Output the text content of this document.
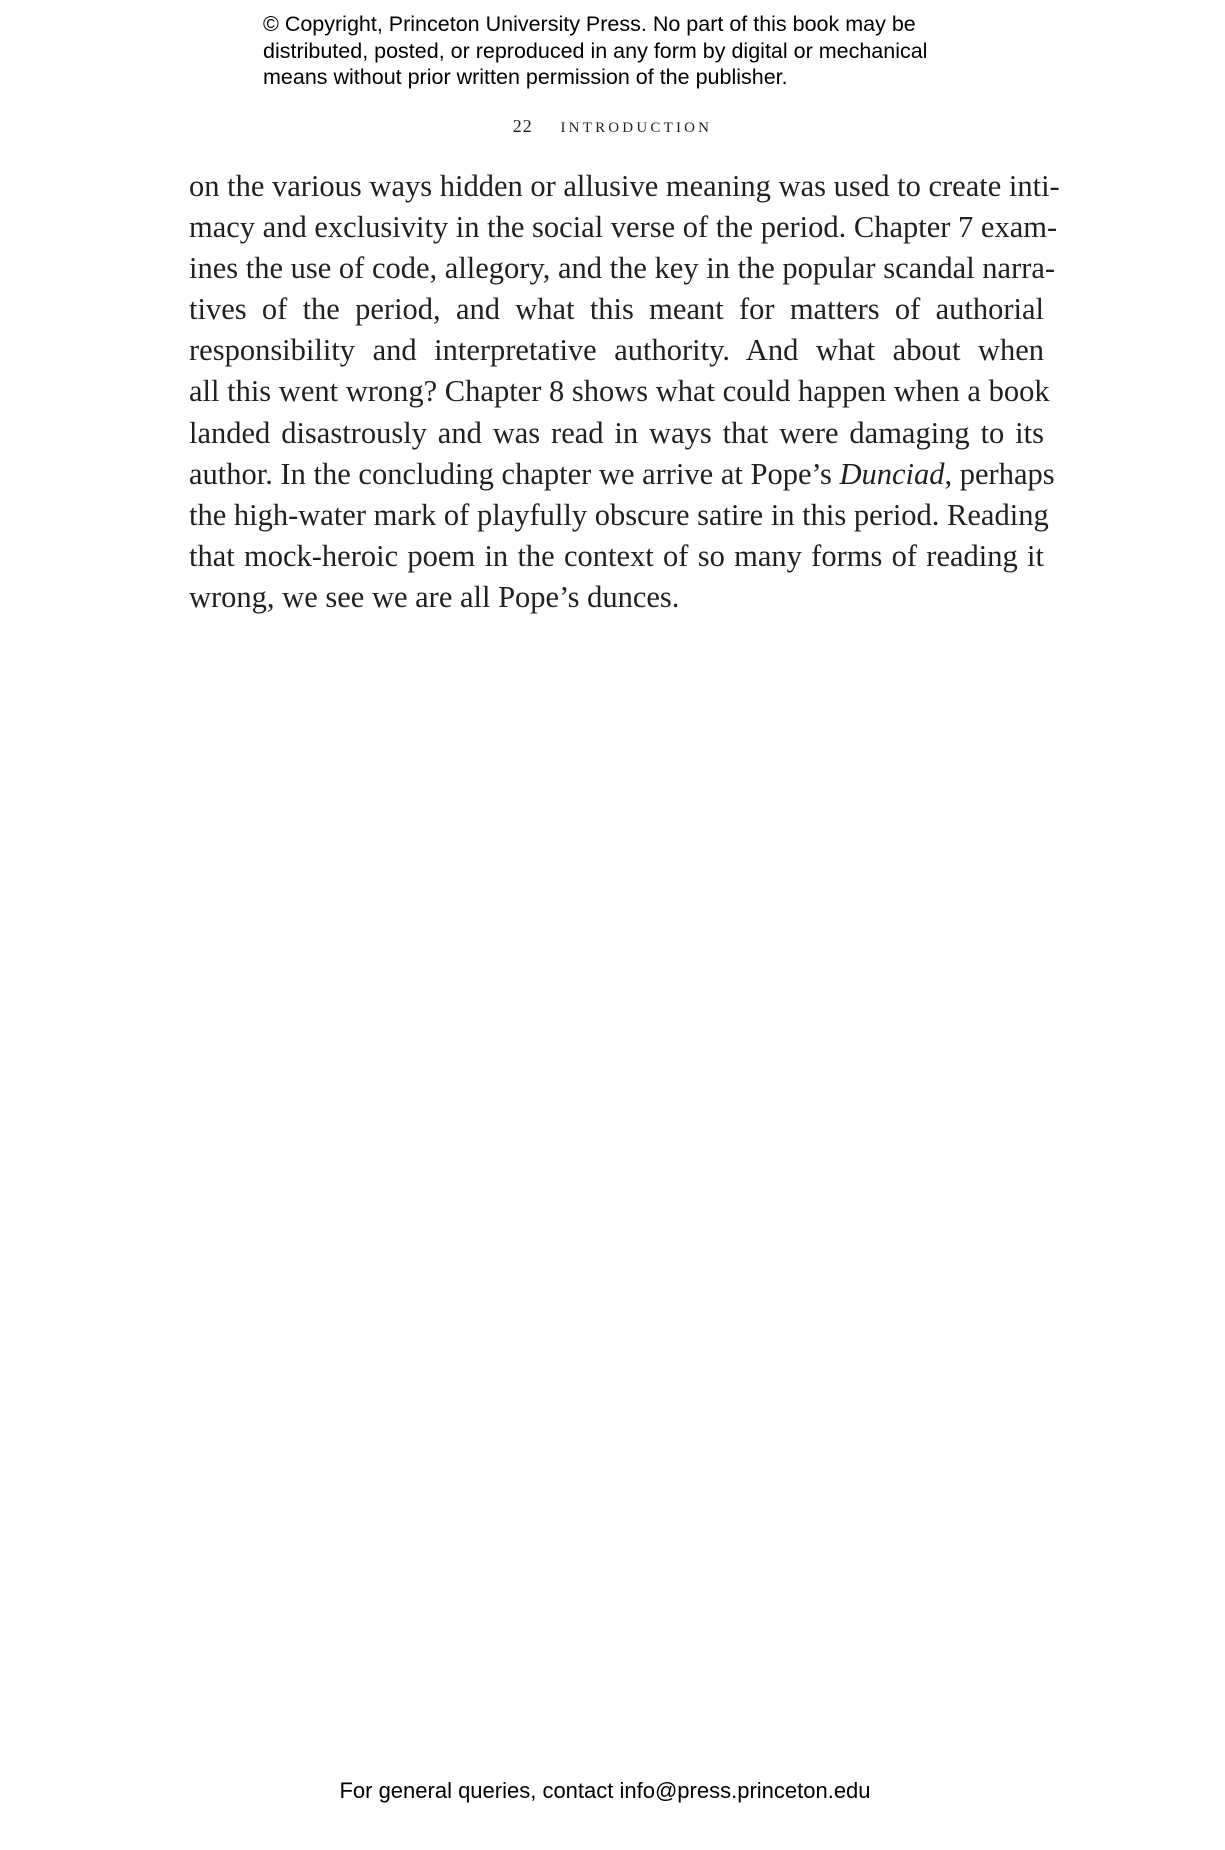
© Copyright, Princeton University Press. No part of this book may be
distributed, posted, or reproduced in any form by digital or mechanical
means without prior written permission of the publisher.
22 introduction
on the various ways hidden or allusive meaning was used to create inti-
macy and exclusivity in the social verse of the period. Chapter 7 exam-
ines the use of code, allegory, and the key in the popular scandal narra-
tives of the period, and what this meant for matters of authorial
responsibility and interpretative authority. And what about when
all this went wrong? Chapter 8 shows what could happen when a book
landed disastrously and was read in ways that were damaging to its
author. In the concluding chapter we arrive at Pope’s Dunciad, perhaps
the high-water mark of playfully obscure satire in this period. Reading
that mock-heroic poem in the context of so many forms of reading it
wrong, we see we are all Pope’s dunces.
For general queries, contact info@press.princeton.edu
